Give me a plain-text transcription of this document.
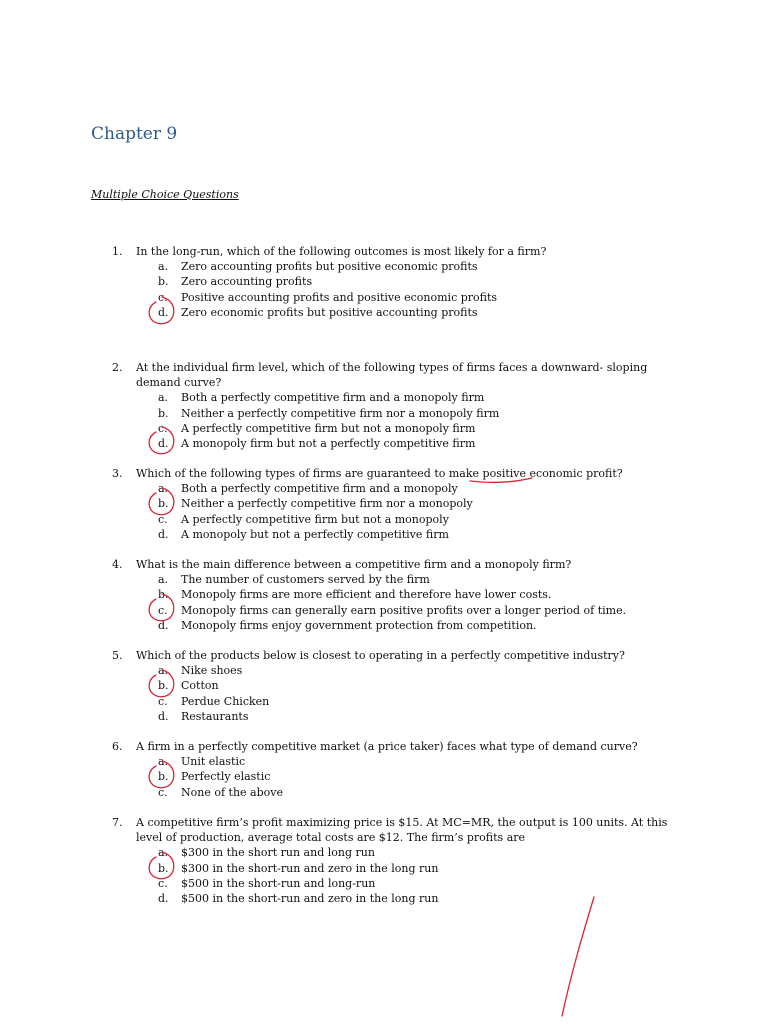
Chapter 9
Multiple Choice Questions
1.	In the long-run, which of the following outcomes is most likely for a firm?
a.	Zero accounting profits but positive economic profits
b.	Zero accounting profits
c.	Positive accounting profits and positive economic profits
d.	Zero economic profits but positive accounting profits
2.	At the individual firm level, which of the following types of firms faces a downward- sloping demand curve?
a.	Both a perfectly competitive firm and a monopoly firm
b.	Neither a perfectly competitive firm nor a monopoly firm
c.	A perfectly competitive firm but not a monopoly firm
d.	A monopoly firm but not a perfectly competitive firm
3.	Which of the following types of firms are guaranteed to make positive economic profit?
a.	Both a perfectly competitive firm and a monopoly
b.	Neither a perfectly competitive firm nor a monopoly
c.	A perfectly competitive firm but not a monopoly
d.	A monopoly but not a perfectly competitive firm
4.	What is the main difference between a competitive firm and a monopoly firm?
a.	The number of customers served by the firm
b.	Monopoly firms are more efficient and therefore have lower costs.
c.	Monopoly firms can generally earn positive profits over a longer period of time.
d.	Monopoly firms enjoy government protection from competition.
5.	Which of the products below is closest to operating in a perfectly competitive industry?
a.	Nike shoes
b.	Cotton
c.	Perdue Chicken
d.	Restaurants
6.	A firm in a perfectly competitive market (a price taker) faces what type of demand curve?
a.	Unit elastic
b.	Perfectly elastic
c.	None of the above
7.	A competitive firm’s profit maximizing price is $15. At MC=MR, the output is 100 units. At this level of production, average total costs are $12. The firm’s profits are
a.	$300 in the short run and long run
b.	$300 in the short-run and zero in the long run
c.	$500 in the short-run and long-run
d.	$500 in the short-run and zero in the long run
